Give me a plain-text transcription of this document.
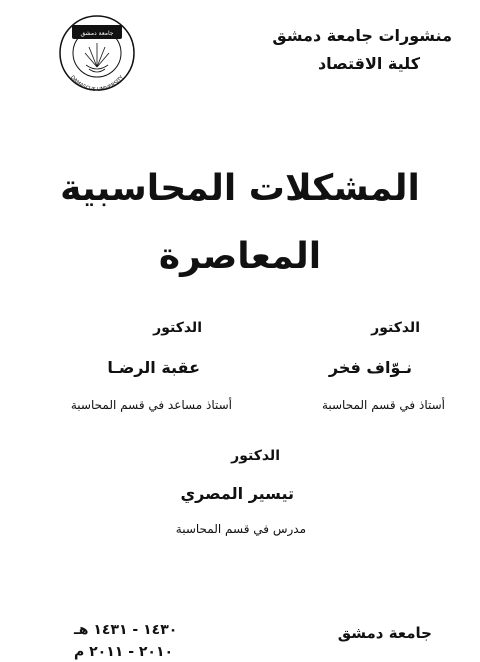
منشورات جامعة دمشق
كلية الاقتصاد
جامعة دمشق
DAMASCUS UNIVERSITY
المشكلات المحاسبية
المعاصرة
الدكتور
نـوّاف فخر
أستاذ في قسم المحاسبة
الدكتور
عقبة الرضـا
أستاذ مساعد في قسم المحاسبة
الدكتور
تيسير المصري
مدرس في قسم المحاسبة
جامعة دمشق
١٤٣٠ - ١٤٣١ هـ
٢٠١٠ - ٢٠١١ م
